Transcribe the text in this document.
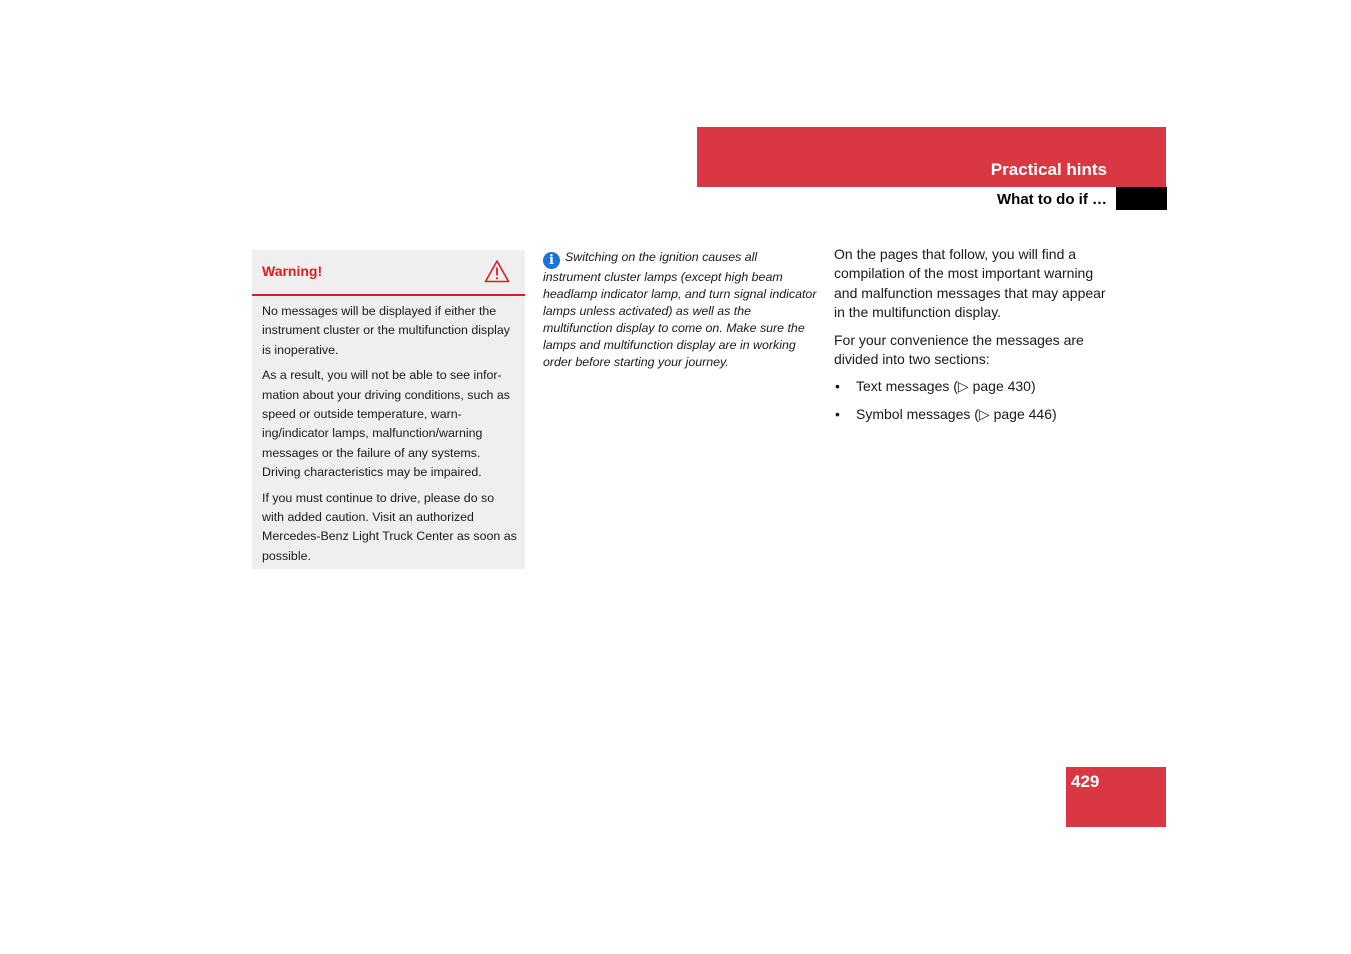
Practical hints
What to do if …
Warning!

No messages will be displayed if either the instrument cluster or the multifunction display is inoperative.

As a result, you will not be able to see infor-mation about your driving conditions, such as speed or outside temperature, warn-ing/indicator lamps, malfunction/warning messages or the failure of any systems. Driving characteristics may be impaired.

If you must continue to drive, please do so with added caution. Visit an authorized Mercedes-Benz Light Truck Center as soon as possible.

i Switching on the ignition causes all instrument cluster lamps (except high beam headlamp indicator lamp, and turn signal indicator lamps unless activated) as well as the multifunction display to come on. Make sure the lamps and multifunction display are in working order before starting your journey.

On the pages that follow, you will find a compilation of the most important warning and malfunction messages that may appear in the multifunction display.

For your convenience the messages are divided into two sections:

• Text messages (▷ page 430)
• Symbol messages (▷ page 446)
429
